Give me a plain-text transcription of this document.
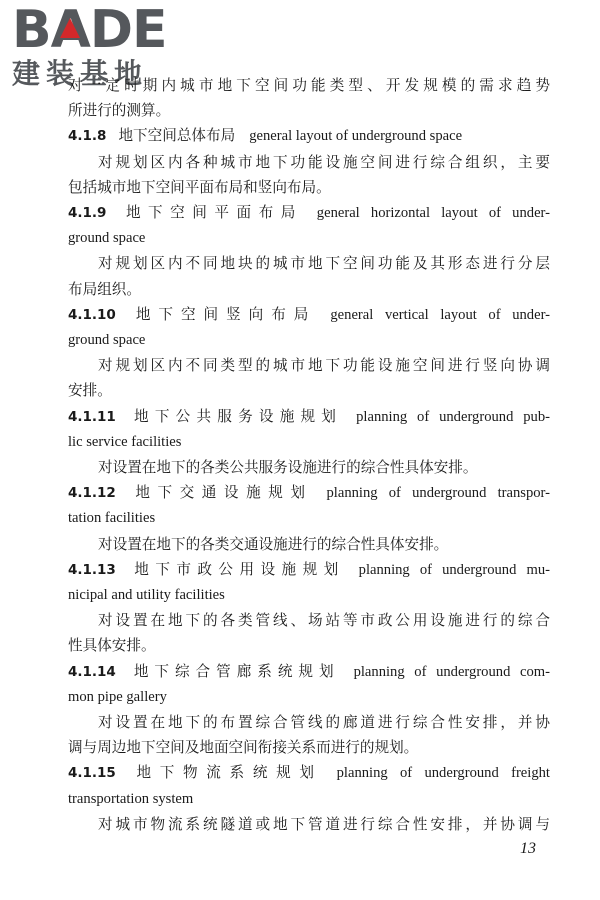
BA
DE
建装基地

对一定时期内城市地下空间功能类型、开发规模的需求趋势

所进行的测算。

4.1.8 地下空间总体布局 general layout of underground space

对规划区内各种城市地下功能设施空间进行综合组织，主要

包括城市地下空间平面布局和竖向布局。

4.1.9 地下空间平面布局 general horizontal layout of under-

ground space

对规划区内不同地块的城市地下空间功能及其形态进行分层

布局组织。

4.1.10 地下空间竖向布局 general vertical layout of under-

ground space

对规划区内不同类型的城市地下功能设施空间进行竖向协调

安排。

4.1.11 地下公共服务设施规划 planning of underground pub-

lic service facilities

对设置在地下的各类公共服务设施进行的综合性具体安排。

4.1.12 地下交通设施规划 planning of underground transpor-

tation facilities

对设置在地下的各类交通设施进行的综合性具体安排。

4.1.13 地下市政公用设施规划 planning of underground mu-

nicipal and utility facilities

对设置在地下的各类管线、场站等市政公用设施进行的综合

性具体安排。

4.1.14 地下综合管廊系统规划 planning of underground com-

mon pipe gallery

对设置在地下的布置综合管线的廊道进行综合性安排，并协

调与周边地下空间及地面空间衔接关系而进行的规划。

4.1.15 地下物流系统规划 planning of underground freight

transportation system

对城市物流系统隧道或地下管道进行综合性安排，并协调与

13
